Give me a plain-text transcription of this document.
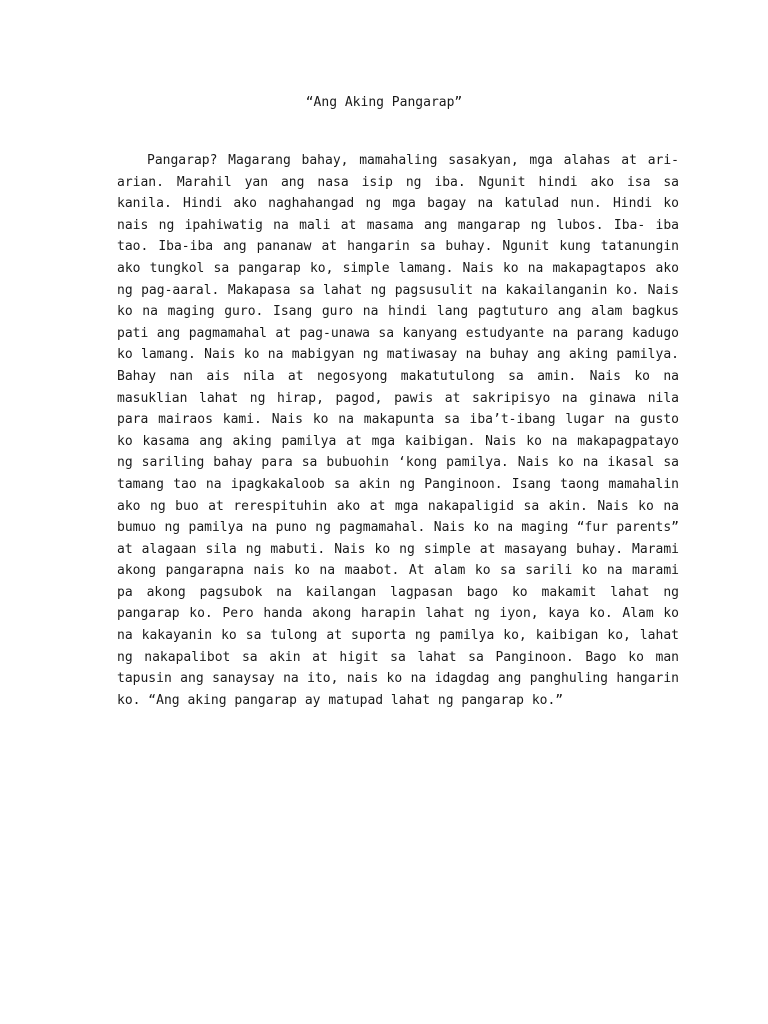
“Ang Aking Pangarap”

Pangarap? Magarang bahay, mamahaling sasakyan, mga alahas at ari-arian. Marahil yan ang nasa isip ng iba. Ngunit hindi ako isa sa kanila. Hindi ako naghahangad ng mga bagay na katulad nun. Hindi ko nais ng ipahiwatig na mali at masama ang mangarap ng lubos. Iba- iba tao. Iba-iba ang pananaw at hangarin sa buhay. Ngunit kung tatanungin ako tungkol sa pangarap ko, simple lamang. Nais ko na makapagtapos ako ng pag-aaral. Makapasa sa lahat ng pagsusulit na kakailanganin ko. Nais ko na maging guro. Isang guro na hindi lang pagtuturo ang alam bagkus pati ang pagmamahal at pag-unawa sa kanyang estudyante na parang kadugo ko lamang. Nais ko na mabigyan ng matiwasay na buhay ang aking pamilya. Bahay nan ais nila at negosyong makatutulong sa amin. Nais ko na masuklian lahat ng hirap, pagod, pawis at sakripisyo na ginawa nila para mairaos kami. Nais ko na makapunta sa iba’t-ibang lugar na gusto ko kasama ang aking pamilya at mga kaibigan. Nais ko na makapagpatayo ng sariling bahay para sa bubuohin ‘kong pamilya. Nais ko na ikasal sa tamang tao na ipagkakaloob sa akin ng Panginoon. Isang taong mamahalin ako ng buo at rerespituhin ako at mga nakapaligid sa akin. Nais ko na bumuo ng pamilya na puno ng pagmamahal. Nais ko na maging “fur parents” at alagaan sila ng mabuti. Nais ko ng simple at masayang buhay. Marami akong pangarapna nais ko na maabot. At alam ko sa sarili ko na marami pa akong pagsubok na kailangan lagpasan bago ko makamit lahat ng pangarap ko. Pero handa akong harapin lahat ng iyon, kaya ko. Alam ko na kakayanin ko sa tulong at suporta ng pamilya ko, kaibigan ko, lahat ng nakapalibot sa akin at higit sa lahat sa Panginoon. Bago ko man tapusin ang sanaysay na ito, nais ko na idagdag ang panghuling hangarin ko. “Ang aking pangarap ay matupad lahat ng pangarap ko.”
